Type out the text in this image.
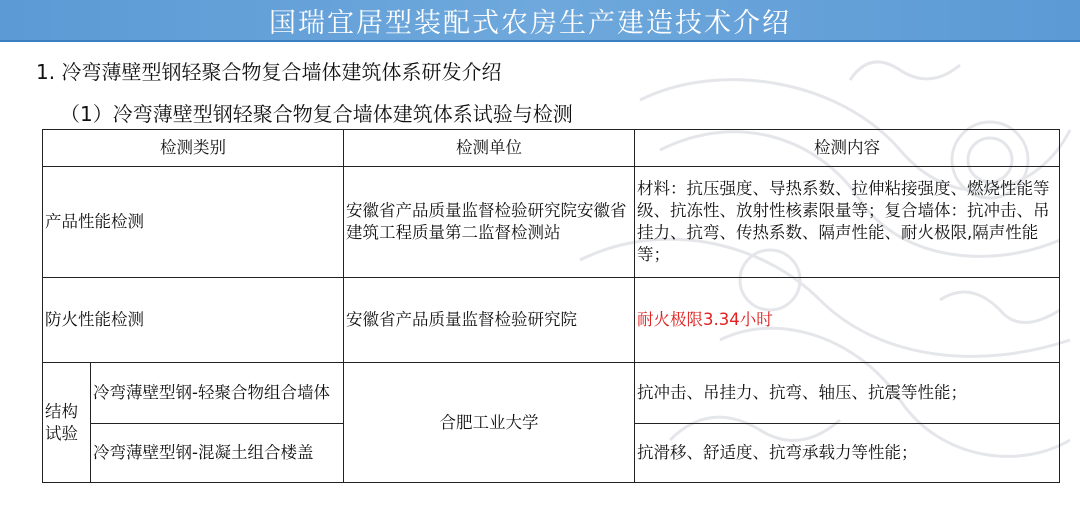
国瑞宜居型装配式农房生产建造技术介绍
1. 冷弯薄壁型钢轻聚合物复合墙体建筑体系研发介绍
（1）冷弯薄壁型钢轻聚合物复合墙体建筑体系试验与检测
检测类别		检测单位	检测内容
产品性能检测		安徽省产品质量监督检验研究院安徽省建筑工程质量第二监督检测站	材料：抗压强度、导热系数、拉伸粘接强度、燃烧性能等级、抗冻性、放射性核素限量等；复合墙体：抗冲击、吊挂力、抗弯、传热系数、隔声性能、耐火极限,隔声性能等；
防火性能检测		安徽省产品质量监督检验研究院	耐火极限3.34小时
结构试验	冷弯薄壁型钢-轻聚合物组合墙体	合肥工业大学	抗冲击、吊挂力、抗弯、轴压、抗震等性能；
	冷弯薄壁型钢-混凝土组合楼盖		抗滑移、舒适度、抗弯承载力等性能；
